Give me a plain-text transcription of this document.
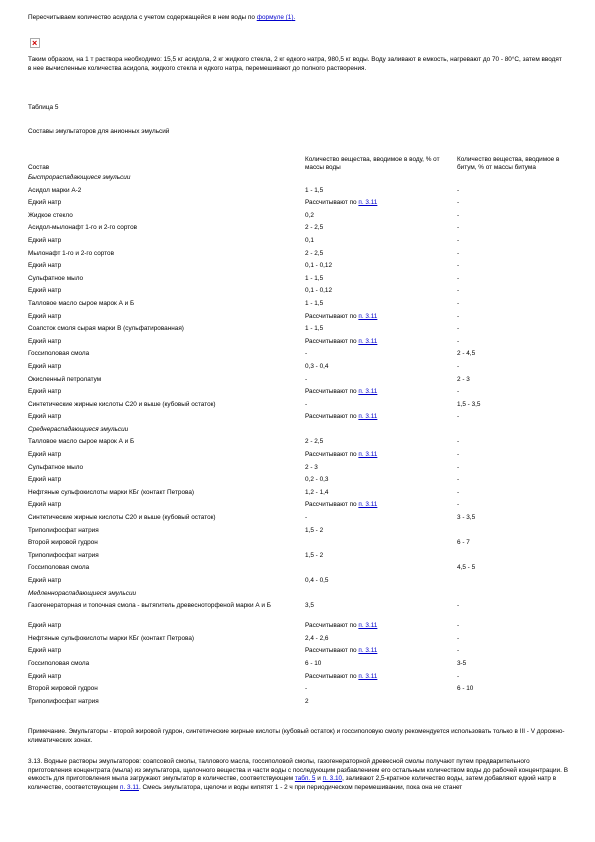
Пересчитываем количество асидола с учетом содержащейся в нем воды по формуле (1).

×

Таким образом, на 1 т раствора необходимо: 15,5 кг асидола, 2 кг жидкого стекла, 2 кг едкого натра, 980,5 кг воды. Воду заливают в емкость, нагревают до 70 - 80°С, затем вводят в нее вычисленные количества асидола, жидкого стекла и едкого натра, перемешивают до полного растворения.

Таблица 5

Составы эмульгаторов для анионных эмульсий

Состав	Количество вещества, вводимое в воду, % от массы воды	Количество вещества, вводимое в битум, % от массы битума
Быстрораспадающиеся эмульсии		
Асидол марки А-2	1 - 1,5	-
Едкий натр	Рассчитывают по п. 3.11	-
Жидкое стекло	0,2	-
Асидол-мылонафт 1-го и 2-го сортов	2 - 2,5	-
Едкий натр	0,1	-
Мылонафт 1-го и 2-го сортов	2 - 2,5	-
Едкий натр	0,1 - 0,12	-
Сульфатное мыло	1 - 1,5	-
Едкий натр	0,1 - 0,12	-
Талловое масло сырое марок А и Б	1 - 1,5	-
Едкий натр	Рассчитывают по п. 3.11	-
Соапсток смоля сырая марки В (сульфатированная)	1 - 1,5	-
Едкий натр	Рассчитывают по п. 3.11	-
Госсиполовая смола	-	2 - 4,5
Едкий натр	0,3 - 0,4	-
Окисленный петролатум	-	2 - 3
Едкий натр	Рассчитывают по п. 3.11	-
Синтетические жирные кислоты С20 и выше (кубовый остаток)	-	1,5 - 3,5
Едкий натр	Рассчитывают по п. 3.11	-
Среднераспадающиеся эмульсии		
Талловое масло сырое марок А и Б	2 - 2,5	-
Едкий натр	Рассчитывают по п. 3.11	-
Сульфатное мыло	2 - 3	-
Едкий натр	0,2 - 0,3	-
Нефтяные сульфокислоты марки КБг (контакт Петрова)	1,2 - 1,4	-
Едкий натр	Рассчитывают по п. 3.11	-
Синтетические жирные кислоты С20 и выше (кубовый остаток)	-	3 - 3,5
Триполифосфат натрия	1,5 - 2	
Второй жировой гудрон		6 - 7
Триполифосфат натрия	1,5 - 2	
Госсиполовая смола		4,5 - 5
Едкий натр	0,4 - 0,5	
Медленнораспадающиеся эмульсии		
Газогенераторная и топочная смола - вытягитель древесноторфеной марки А и Б	3,5	-
Едкий натр	Рассчитывают по п. 3.11	-
Нефтяные сульфокислоты марки КБг (контакт Петрова)	2,4 - 2,6	-
Едкий натр	Рассчитывают по п. 3.11	-
Госсиполовая смола	6 - 10	3-5
Едкий натр	Рассчитывают по п. 3.11	-
Второй жировой гудрон	-	6 - 10
Триполифосфат натрия	2	

Примечание. Эмульгаторы - второй жировой гудрон, синтетические жирные кислоты (кубовый остаток) и госсиполовую смолу рекомендуется использовать только в III - V дорожно-климатических зонах.

3.13. Водные растворы эмульгаторов: соапсовой смолы, таллового масла, госсиполовой смолы, газогенераторной древесной смолы получают путем предварительного приготовления концентрата (мыла) из эмульгатора, щелочного вещества и части воды с последующим разбавлением его остальным количеством воды до рабочей концентрации. В емкость для приготовления мыла загружают эмульгатор в количестве, соответствующем табл. 5 и п. 3.10, заливают 2,5-кратное количество воды, затем добавляют едкий натр в количестве, соответствующем п. 3.11. Смесь эмульгатора, щелочи и воды кипятят 1 - 2 ч при периодическом перемешивании, пока она не станет
